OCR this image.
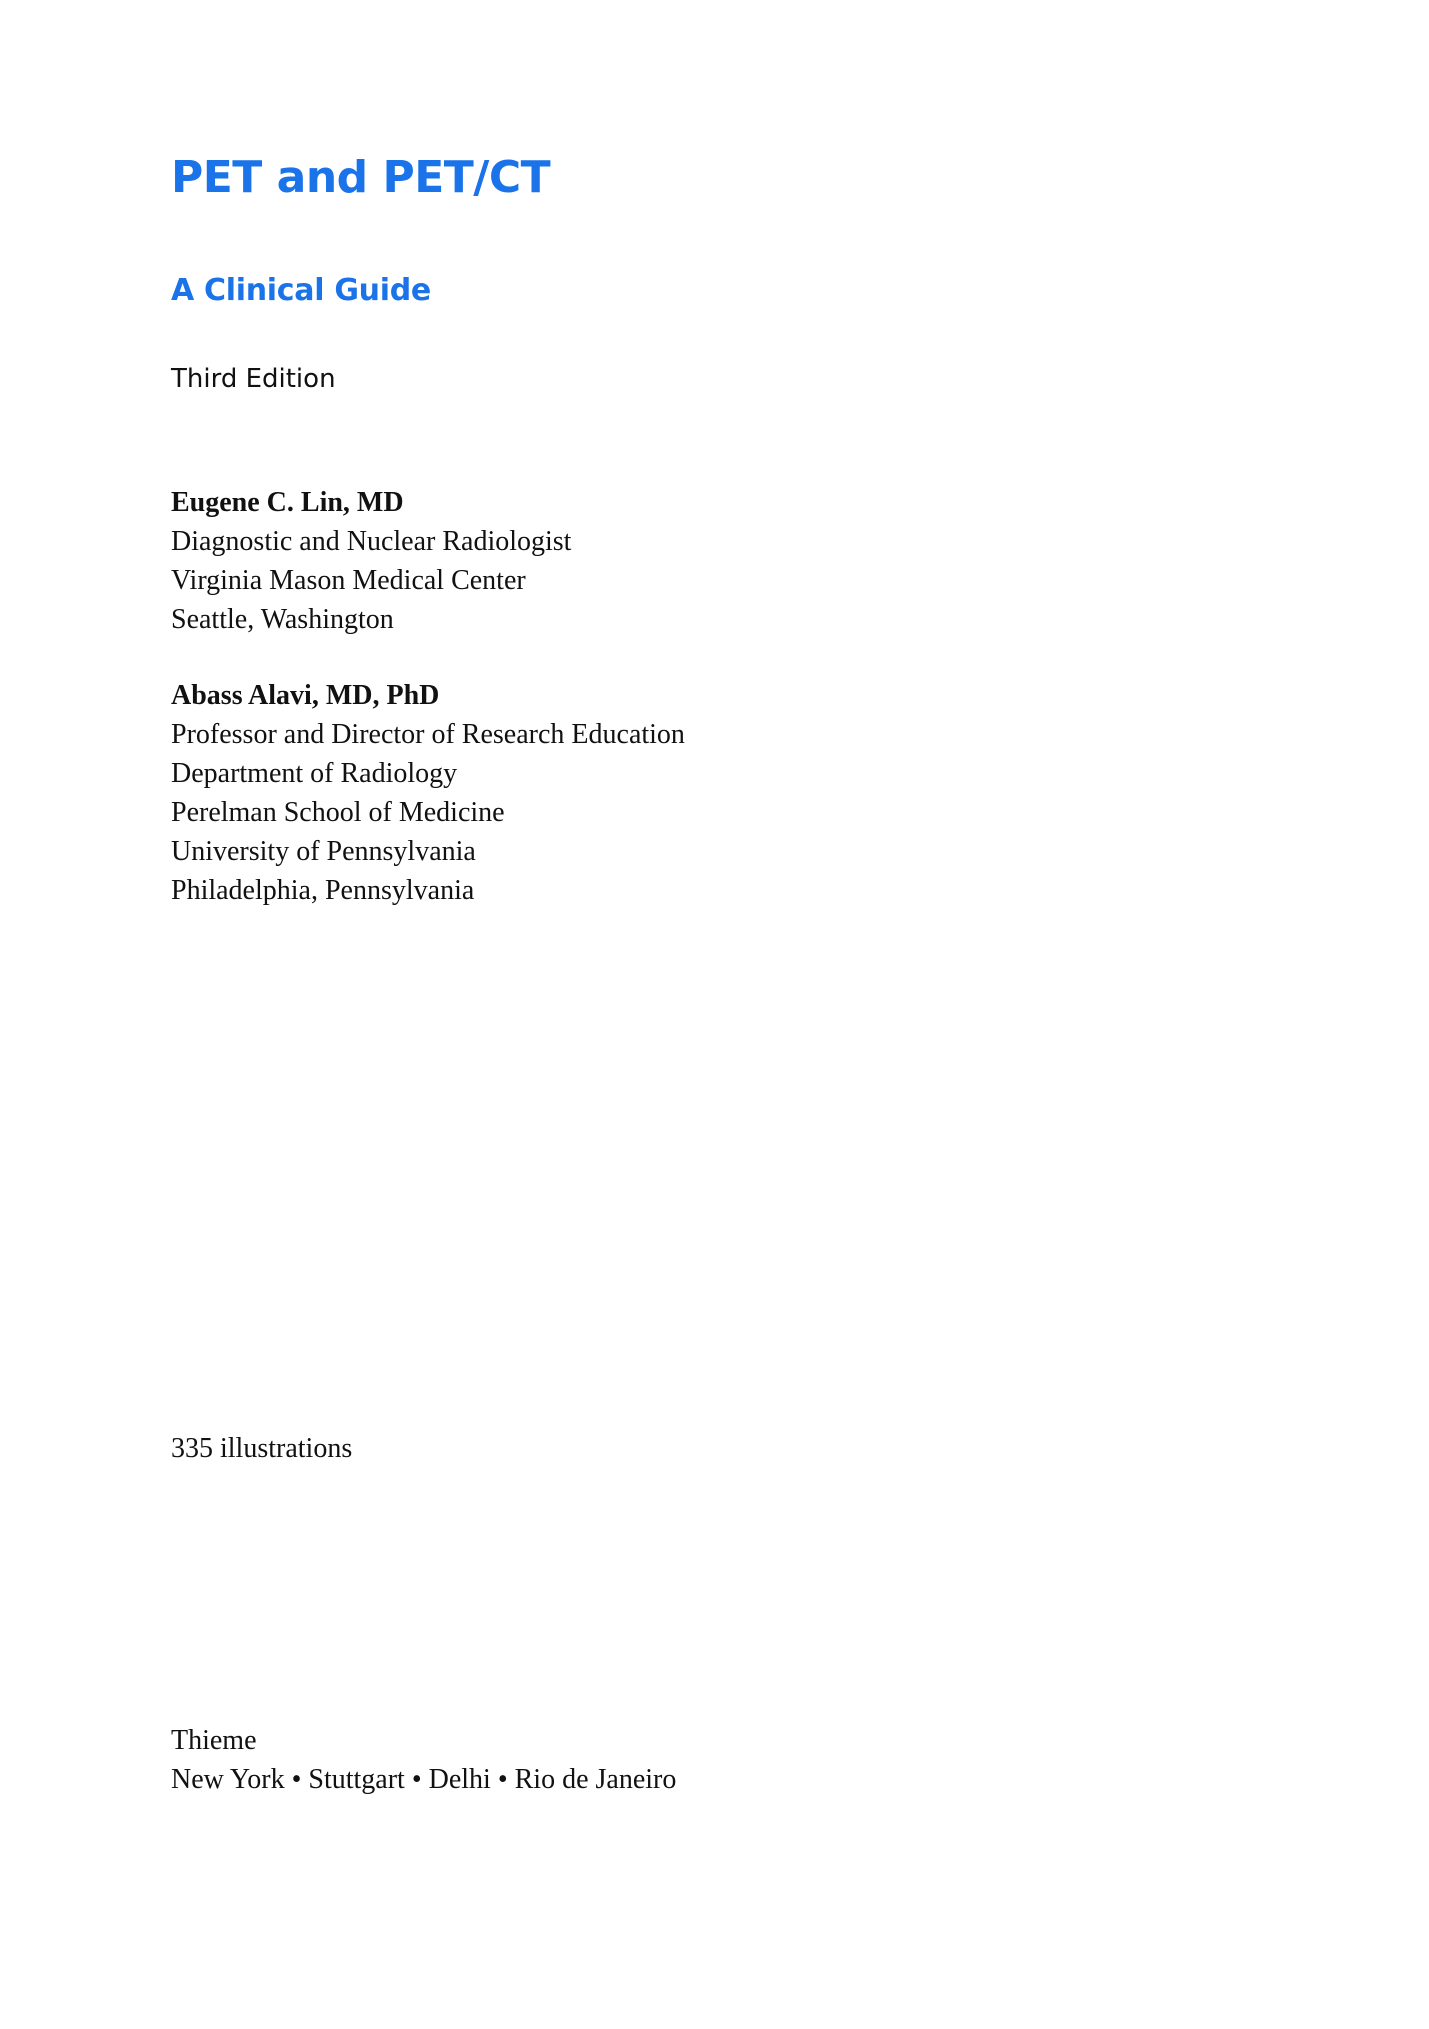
PET and PET/CT
A Clinical Guide

Third Edition

Eugene C. Lin, MD
Diagnostic and Nuclear Radiologist
Virginia Mason Medical Center
Seattle, Washington
Abass Alavi, MD, PhD
Professor and Director of Research Education
Department of Radiology
Perelman School of Medicine
University of Pennsylvania
Philadelphia, Pennsylvania

335 illustrations

Thieme
New York • Stuttgart • Delhi • Rio de Janeiro
